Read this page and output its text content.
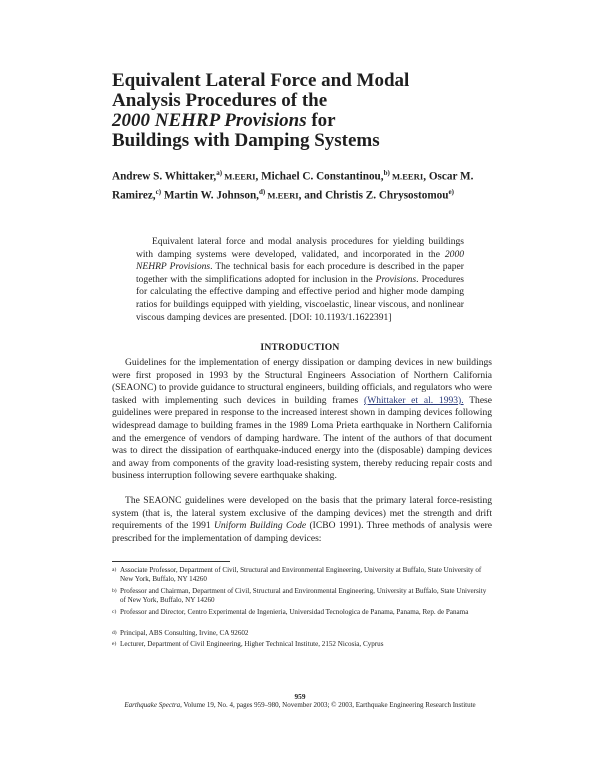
Equivalent Lateral Force and Modal
Analysis Procedures of the
2000 NEHRP Provisions for
Buildings with Damping Systems
Andrew S. Whittaker,$^{a)}$ M.EERI, Michael C. Constantinou,$^{b)}$ M.EERI, Oscar M. Ramirez,$^{c)}$ Martin W. Johnson,$^{d)}$ M.EERI, and Christis Z. Chrysostomou$^{e)}$
Equivalent lateral force and modal analysis procedures for yielding buildings with damping systems were developed, validated, and incorporated in the 2000 NEHRP Provisions. The technical basis for each procedure is described in the paper together with the simplifications adopted for inclusion in the Provisions. Procedures for calculating the effective damping and effective period and higher mode damping ratios for buildings equipped with yielding, viscoelastic, linear viscous, and nonlinear viscous damping devices are presented. [DOI: 10.1193/1.1622391]
INTRODUCTION
Guidelines for the implementation of energy dissipation or damping devices in new buildings were first proposed in 1993 by the Structural Engineers Association of Northern California (SEAONC) to provide guidance to structural engineers, building officials, and regulators who were tasked with implementing such devices in building frames (Whittaker et al. 1993). These guidelines were prepared in response to the increased interest shown in damping devices following widespread damage to building frames in the 1989 Loma Prieta earthquake in Northern California and the emergence of vendors of damping hardware. The intent of the authors of that document was to direct the dissipation of earthquake-induced energy into the (disposable) damping devices and away from components of the gravity load-resisting system, thereby reducing repair costs and business interruption following severe earthquake shaking.
The SEAONC guidelines were developed on the basis that the primary lateral force-resisting system (that is, the lateral system exclusive of the damping devices) met the strength and drift requirements of the 1991 Uniform Building Code (ICBO 1991). Three methods of analysis were prescribed for the implementation of damping devices:
a) Associate Professor, Department of Civil, Structural and Environmental Engineering, University at Buffalo, State University of New York, Buffalo, NY 14260
b) Professor and Chairman, Department of Civil, Structural and Environmental Engineering, University at Buffalo, State University of New York, Buffalo, NY 14260
c) Professor and Director, Centro Experimental de Ingenieria, Universidad Tecnologica de Panama, Panama, Rep. de Panama
d) Principal, ABS Consulting, Irvine, CA 92602
e) Lecturer, Department of Civil Engineering, Higher Technical Institute, 2152 Nicosia, Cyprus
959
Earthquake Spectra, Volume 19, No. 4, pages 959–980, November 2003; © 2003, Earthquake Engineering Research Institute
